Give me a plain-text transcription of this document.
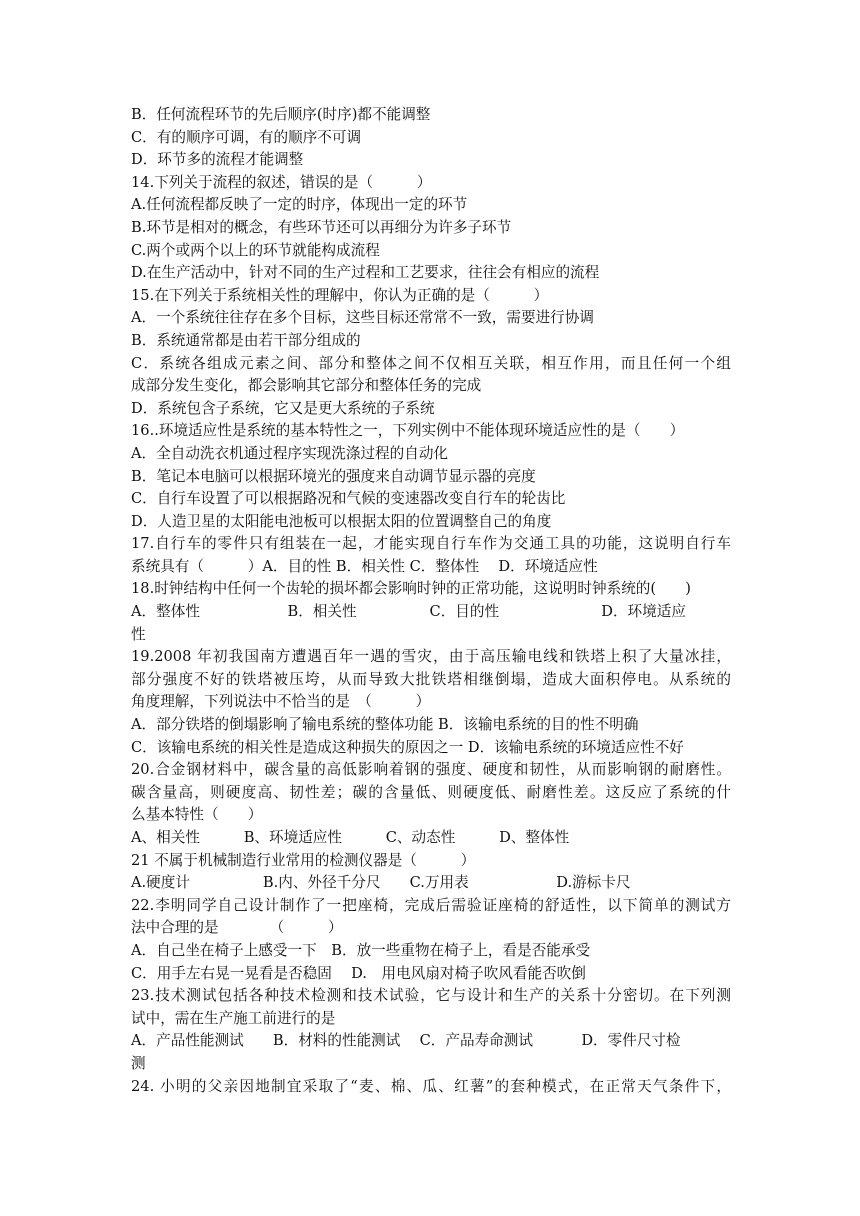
B．任何流程环节的先后顺序(时序)都不能调整
C．有的顺序可调，有的顺序不可调
D．环节多的流程才能调整
14.下列关于流程的叙述，错误的是（　　　）
A.任何流程都反映了一定的时序，体现出一定的环节
B.环节是相对的概念，有些环节还可以再细分为许多子环节
C.两个或两个以上的环节就能构成流程
D.在生产活动中，针对不同的生产过程和工艺要求，往往会有相应的流程
15.在下列关于系统相关性的理解中，你认为正确的是（　　　）
A．一个系统往往存在多个目标，这些目标还常常不一致，需要进行协调
B．系统通常都是由若干部分组成的
C．系统各组成元素之间、部分和整体之间不仅相互关联，相互作用，而且任何一个组
成部分发生变化，都会影响其它部分和整体任务的完成
D．系统包含子系统，它又是更大系统的子系统
16..环境适应性是系统的基本特性之一，下列实例中不能体现环境适应性的是（　　）
A．全自动洗衣机通过程序实现洗涤过程的自动化
B．笔记本电脑可以根据环境光的强度来自动调节显示器的亮度
C．自行车设置了可以根据路况和气候的变速器改变自行车的轮齿比
D．人造卫星的太阳能电池板可以根据太阳的位置调整自己的角度
17.自行车的零件只有组装在一起，才能实现自行车作为交通工具的功能，这说明自行车
系统具有（　　　）A．目的性 B．相关性 C．整体性　 D．环境适应性
18.时钟结构中任何一个齿轮的损坏都会影响时钟的正常功能，这说明时钟系统的(　　)
A．整体性　　　　　　B．相关性　　　　　C．目的性　　　　　　　D．环境适应
性
19.2008 年初我国南方遭遇百年一遇的雪灾，由于高压输电线和铁塔上积了大量冰挂，
部分强度不好的铁塔被压垮，从而导致大批铁塔相继倒塌，造成大面积停电。从系统的
角度理解，下列说法中不恰当的是　（　　　）
A．部分铁塔的倒塌影响了输电系统的整体功能 B．该输电系统的目的性不明确
C．该输电系统的相关性是造成这种损失的原因之一 D．该输电系统的环境适应性不好
20.合金钢材料中，碳含量的高低影响着钢的强度、硬度和韧性，从而影响钢的耐磨性。
碳含量高，则硬度高、韧性差；碳的含量低、则硬度低、耐磨性差。这反应了系统的什
么基本特性（　　）
A、相关性　　　B、环境适应性　　　C、动态性　　　D、整体性
21 不属于机械制造行业常用的检测仪器是（　　　）
A.硬度计　　　　　B.内、外径千分尺　　C.万用表　　　　　　D.游标卡尺
22.李明同学自己设计制作了一把座椅，完成后需验证座椅的舒适性，以下简单的测试方
法中合理的是　　　　（　　　）
A．自己坐在椅子上感受一下　B．放一些重物在椅子上，看是否能承受
C．用手左右晃一晃看是否稳固　 D.　用电风扇对椅子吹风看能否吹倒
23.技术测试包括各种技术检测和技术试验，它与设计和生产的关系十分密切。在下列测
试中，需在生产施工前进行的是
A．产品性能测试　　B．材料的性能测试　 C．产品寿命测试　　　 D．零件尺寸检
测
24. 小明的父亲因地制宜采取了“麦、棉、瓜、红薯”的套种模式，在正常天气条件下，
